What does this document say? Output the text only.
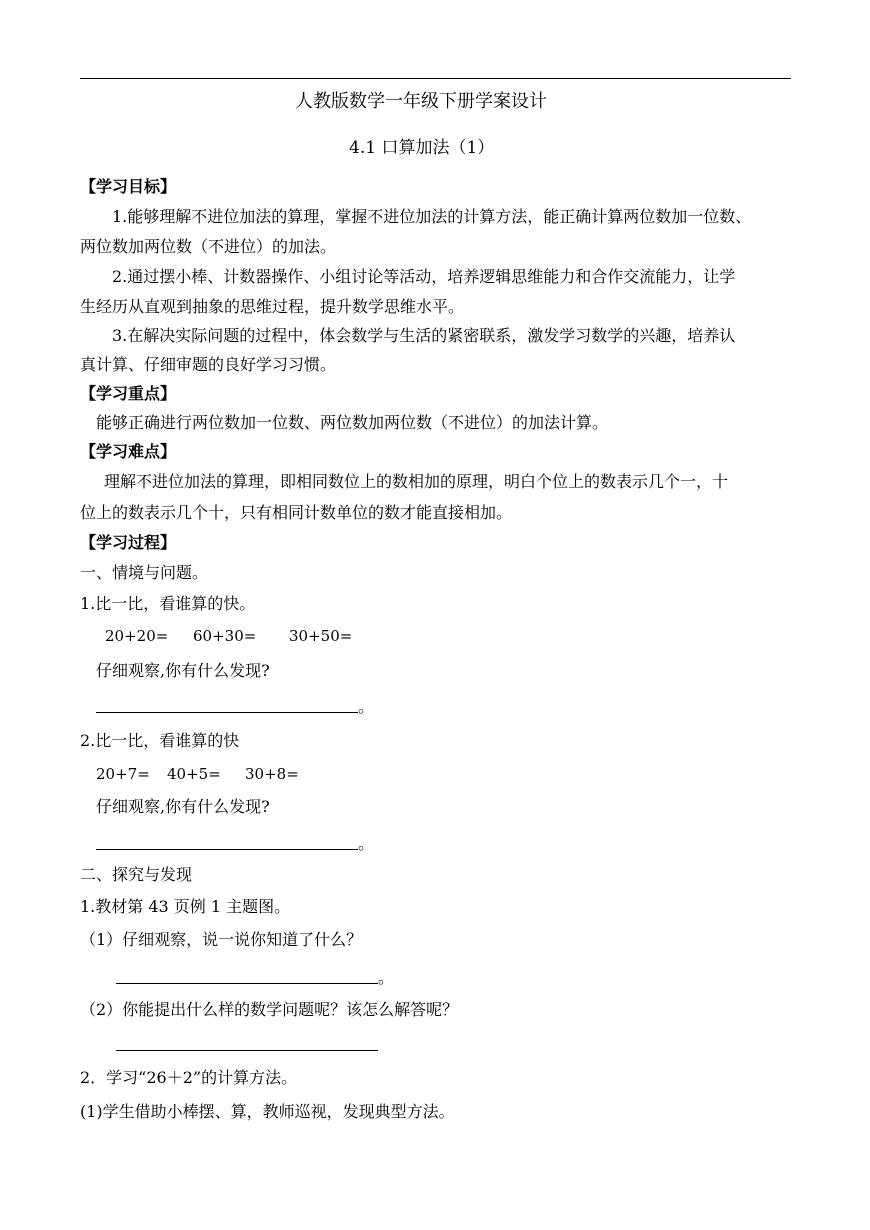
人教版数学一年级下册学案设计
4.1 口算加法（1）
【学习目标】
1.能够理解不进位加法的算理，掌握不进位加法的计算方法，能正确计算两位数加一位数、
两位数加两位数（不进位）的加法。
2.通过摆小棒、计数器操作、小组讨论等活动，培养逻辑思维能力和合作交流能力，让学
生经历从直观到抽象的思维过程，提升数学思维水平。
3.在解决实际问题的过程中，体会数学与生活的紧密联系，激发学习数学的兴趣，培养认
真计算、仔细审题的良好学习习惯。
【学习重点】
能够正确进行两位数加一位数、两位数加两位数（不进位）的加法计算。
【学习难点】
理解不进位加法的算理，即相同数位上的数相加的原理，明白个位上的数表示几个一，十
位上的数表示几个十，只有相同计数单位的数才能直接相加。
【学习过程】
一、情境与问题。
1.比一比，看谁算的快。
20+20= 60+30= 30+50=
仔细观察,你有什么发现?
。
2.比一比，看谁算的快
20+7= 40+5= 30+8=
仔细观察,你有什么发现?
。
二、探究与发现
1.教材第 43 页例 1 主题图。
（1）仔细观察，说一说你知道了什么？
。
（2）你能提出什么样的数学问题呢？该怎么解答呢？
2．学习“26＋2”的计算方法。
(1)学生借助小棒摆、算，教师巡视，发现典型方法。
